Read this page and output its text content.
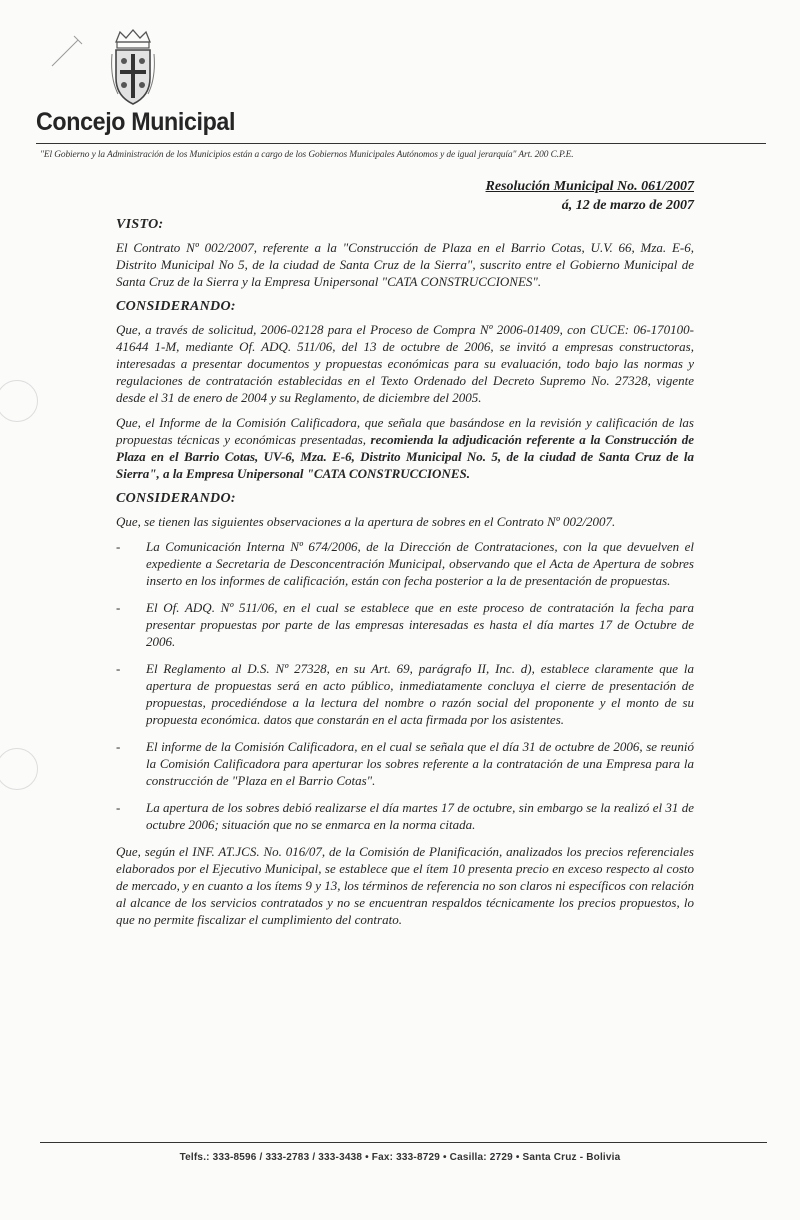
Concejo Municipal
"El Gobierno y la Administración de los Municipios están a cargo de los Gobiernos Municipales Autónomos y de igual jerarquía" Art. 200 C.P.E.
Resolución Municipal No. 061/2007
á, 12 de marzo de 2007

VISTO:

El Contrato Nº 002/2007, referente a la "Construcción de Plaza en el Barrio Cotas, U.V. 66, Mza. E-6, Distrito Municipal No 5, de la ciudad de Santa Cruz de la Sierra", suscrito entre el Gobierno Municipal de Santa Cruz de la Sierra y la Empresa Unipersonal "CATA CONSTRUCCIONES".

CONSIDERANDO:

Que, a través de solicitud, 2006-02128 para el Proceso de Compra Nº 2006-01409, con CUCE: 06-170100-41644 1-M, mediante Of. ADQ. 511/06, del 13 de octubre de 2006, se invitó a empresas constructoras, interesadas a presentar documentos y propuestas económicas para su evaluación, todo bajo las normas y regulaciones de contratación establecidas en el Texto Ordenado del Decreto Supremo No. 27328, vigente desde el 31 de enero de 2004 y su Reglamento, de diciembre del 2005.

Que, el Informe de la Comisión Calificadora, que señala que basándose en la revisión y calificación de las propuestas técnicas y económicas presentadas, recomienda la adjudicación referente a la Construcción de Plaza en el Barrio Cotas, UV-6, Mza. E-6, Distrito Municipal No. 5, de la ciudad de Santa Cruz de la Sierra", a la Empresa Unipersonal "CATA CONSTRUCCIONES.

CONSIDERANDO:

Que, se tienen las siguientes observaciones a la apertura de sobres en el Contrato Nº 002/2007.

- La Comunicación Interna Nº 674/2006, de la Dirección de Contrataciones, con la que devuelven el expediente a Secretaria de Desconcentración Municipal, observando que el Acta de Apertura de sobres inserto en los informes de calificación, están con fecha posterior a la de presentación de propuestas.
- El Of. ADQ. Nº 511/06, en el cual se establece que en este proceso de contratación la fecha para presentar propuestas por parte de las empresas interesadas es hasta el día martes 17 de Octubre de 2006.
- El Reglamento al D.S. Nº 27328, en su Art. 69, parágrafo II, Inc. d), establece claramente que la apertura de propuestas será en acto público, inmediatamente concluya el cierre de presentación de propuestas, procediéndose a la lectura del nombre o razón social del proponente y el monto de su propuesta económica. datos que constarán en el acta firmada por los asistentes.
- El informe de la Comisión Calificadora, en el cual se señala que el día 31 de octubre de 2006, se reunió la Comisión Calificadora para aperturar los sobres referente a la contratación de una Empresa para la construcción de "Plaza en el Barrio Cotas".
- La apertura de los sobres debió realizarse el día martes 17 de octubre, sin embargo se la realizó el 31 de octubre 2006; situación que no se enmarca en la norma citada.

Que, según el INF. AT.JCS. No. 016/07, de la Comisión de Planificación, analizados los precios referenciales elaborados por el Ejecutivo Municipal, se establece que el ítem 10 presenta precio en exceso respecto al costo de mercado, y en cuanto a los ítems 9 y 13, los términos de referencia no son claros ni específicos con relación al alcance de los servicios contratados y no se encuentran respaldos técnicamente los precios propuestos, lo que no permite fiscalizar el cumplimiento del contrato.

Telfs.: 333-8596 / 333-2783 / 333-3438 • Fax: 333-8729 • Casilla: 2729 • Santa Cruz - Bolivia
